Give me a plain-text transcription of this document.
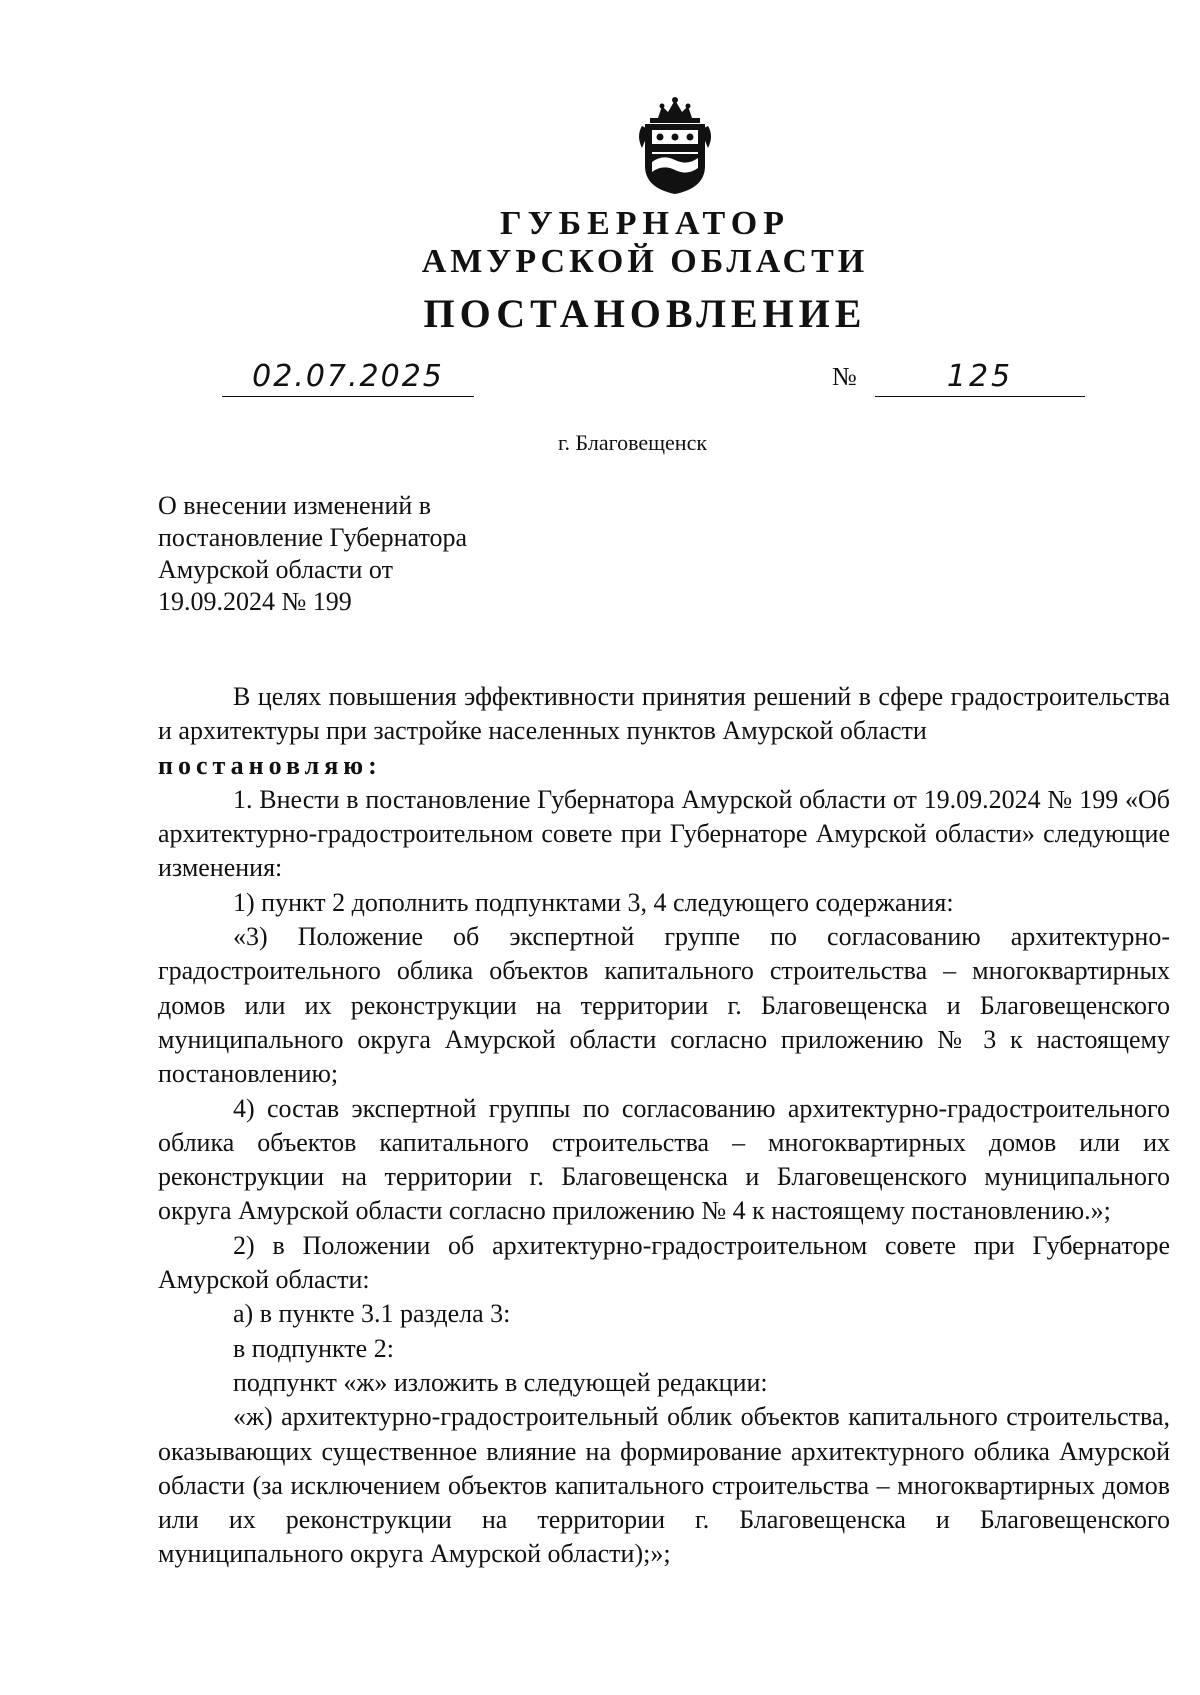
ГУБЕРНАТОР
АМУРСКОЙ ОБЛАСТИ
ПОСТАНОВЛЕНИЕ
02.07.2025	№	125
г. Благовещенск
О внесении изменений в
постановление Губернатора
Амурской области от
19.09.2024 № 199

В целях повышения эффективности принятия решений в сфере градостроительства и архитектуры при застройке населенных пунктов Амурской области

постановляю:

1. Внести в постановление Губернатора Амурской области от 19.09.2024 № 199 «Об архитектурно-градостроительном совете при Губернаторе Амурской области» следующие изменения:

1) пункт 2 дополнить подпунктами 3, 4 следующего содержания:

«3) Положение об экспертной группе по согласованию архитектурно-градостроительного облика объектов капитального строительства – многоквартирных домов или их реконструкции на территории г. Благовещенска и Благовещенского муниципального округа Амурской области согласно приложению № 3 к настоящему постановлению;

4) состав экспертной группы по согласованию архитектурно-градостроительного облика объектов капитального строительства – многоквартирных домов или их реконструкции на территории г. Благовещенска и Благовещенского муниципального округа Амурской области согласно приложению № 4 к настоящему постановлению.»;

2) в Положении об архитектурно-градостроительном совете при Губернаторе Амурской области:

а) в пункте 3.1 раздела 3:

в подпункте 2:

подпункт «ж» изложить в следующей редакции:

«ж) архитектурно-градостроительный облик объектов капитального строительства, оказывающих существенное влияние на формирование архитектурного облика Амурской области (за исключением объектов капитального строительства – многоквартирных домов или их реконструкции на территории г. Благовещенска и Благовещенского муниципального округа Амурской области);»;
